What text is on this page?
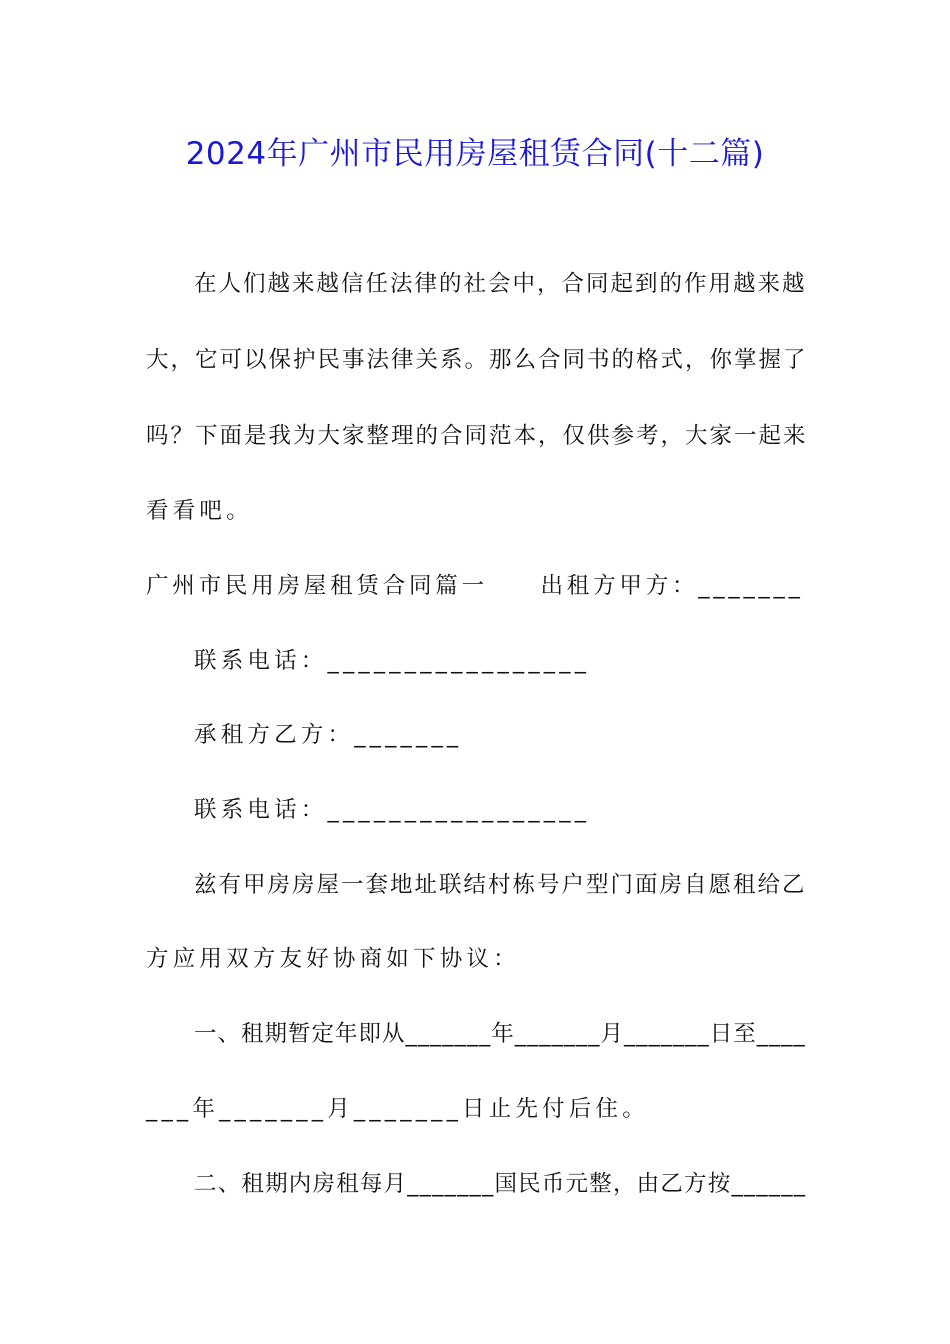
2024年广州市民用房屋租赁合同(十二篇)
在人们越来越信任法律的社会中，合同起到的作用越来越
大，它可以保护民事法律关系。那么合同书的格式，你掌握了
吗？下面是我为大家整理的合同范本，仅供参考，大家一起来
看看吧。
广州市民用房屋租赁合同篇一　　出租方甲方：_______
联系电话：_________________
承租方乙方：_______
联系电话：_________________
兹有甲房房屋一套地址联结村栋号户型门面房自愿租给乙
方应用双方友好协商如下协议：
一、租期暂定年即从_______年_______月_______日至____
___年_______月_______日止先付后住。
二、租期内房租每月_______国民币元整，由乙方按______
